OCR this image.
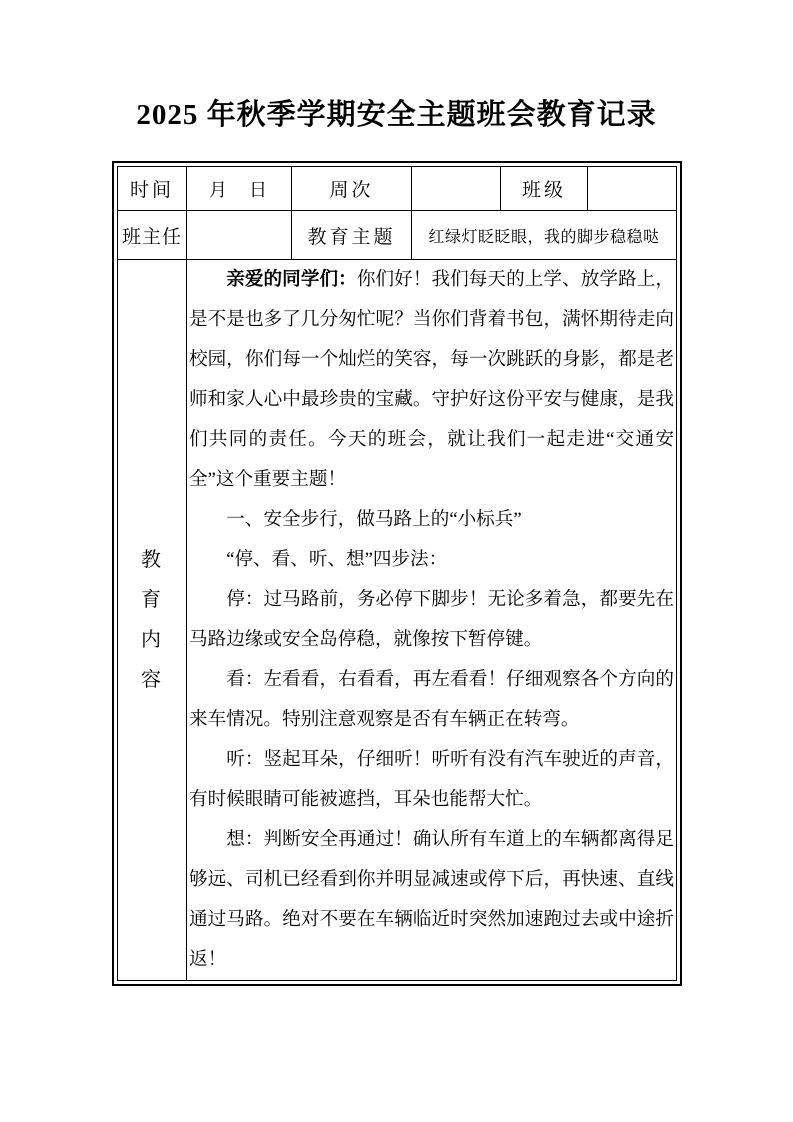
2025 年秋季学期安全主题班会教育记录
时间	月　日	周次		班级	
班主任		教育主题	红绿灯眨眨眼，我的脚步稳稳哒		
教育内容	

亲爱的同学们：你们好！我们每天的上学、放学路上，是不是也多了几分匆忙呢？当你们背着书包，满怀期待走向校园，你们每一个灿烂的笑容，每一次跳跃的身影，都是老师和家人心中最珍贵的宝藏。守护好这份平安与健康，是我们共同的责任。今天的班会，就让我们一起走进“交通安全”这个重要主题！

一、安全步行，做马路上的“小标兵”

“停、看、听、想”四步法：

停：过马路前，务必停下脚步！无论多着急，都要先在马路边缘或安全岛停稳，就像按下暂停键。

看：左看看，右看看，再左看看！仔细观察各个方向的来车情况。特别注意观察是否有车辆正在转弯。

听：竖起耳朵，仔细听！听听有没有汽车驶近的声音，有时候眼睛可能被遮挡，耳朵也能帮大忙。

想：判断安全再通过！确认所有车道上的车辆都离得足够远、司机已经看到你并明显减速或停下后，再快速、直线通过马路。绝对不要在车辆临近时突然加速跑过去或中途折返！
